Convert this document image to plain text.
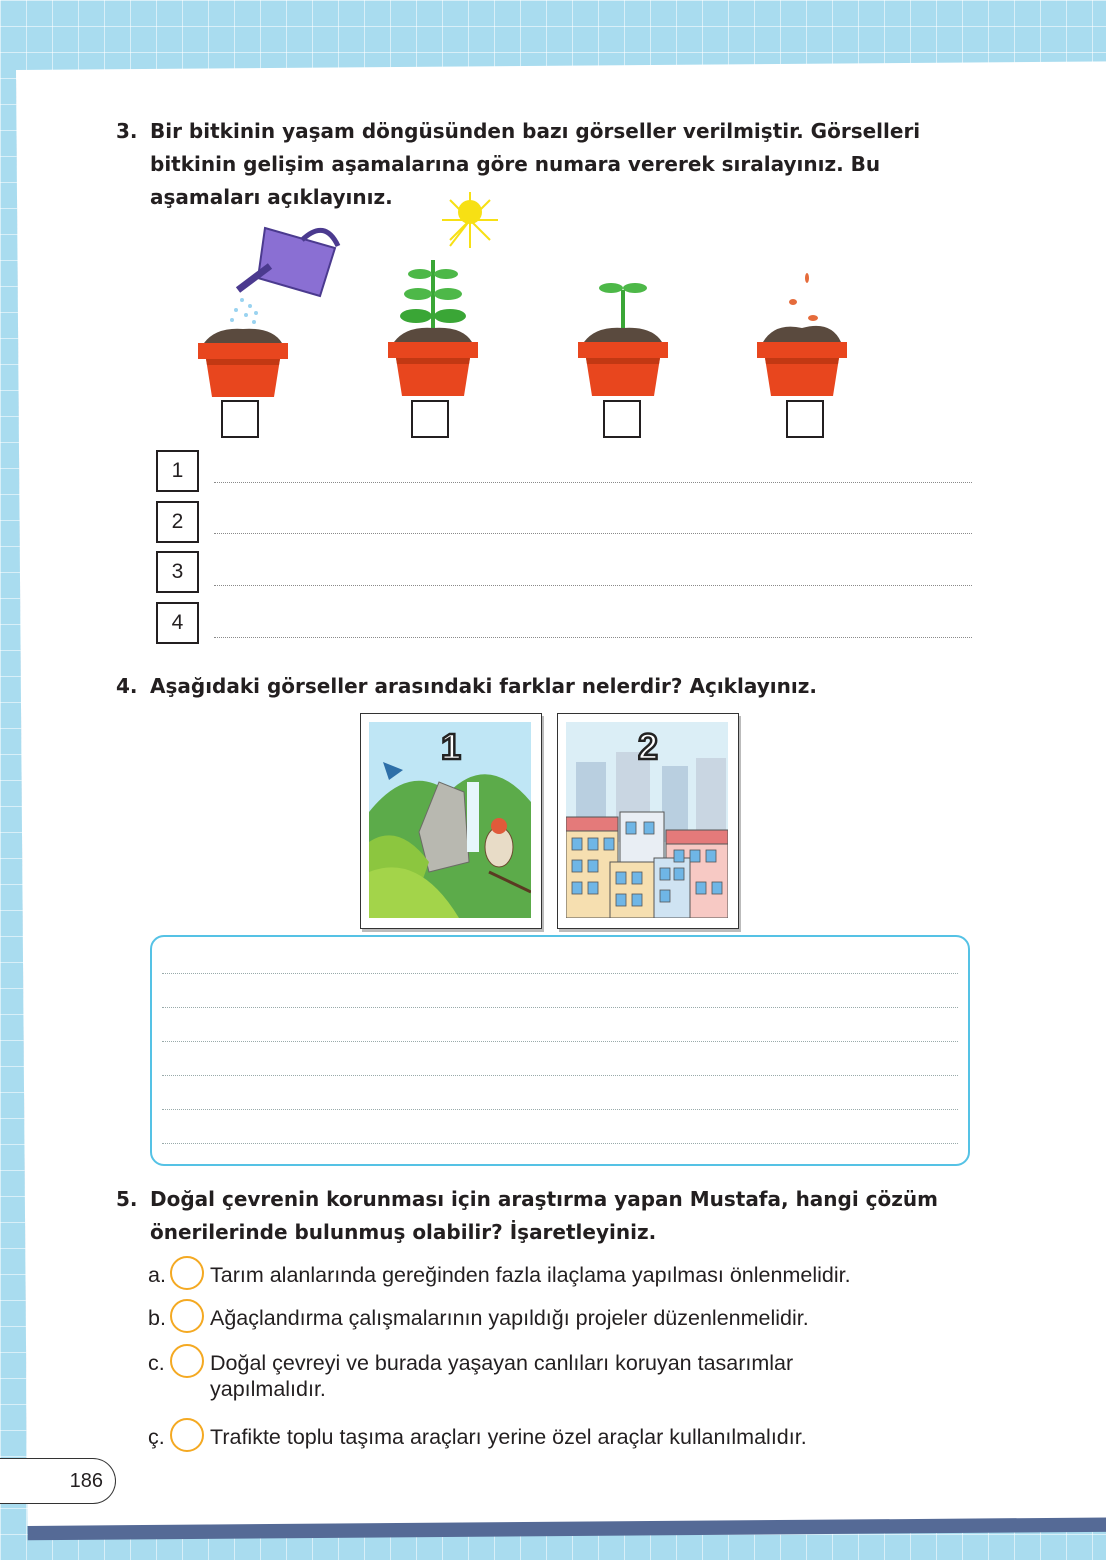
3. Bir bitkinin yaşam döngüsünden bazı görseller verilmiştir. Görselleri
bitkinin gelişim aşamalarına göre numara vererek sıralayınız. Bu
aşamaları açıklayınız.
1
2
3
4
4. Aşağıdaki görseller arasındaki farklar nelerdir? Açıklayınız.
1	2
5. Doğal çevrenin korunması için araştırma yapan Mustafa, hangi çözüm
önerilerinde bulunmuş olabilir? İşaretleyiniz.
a. Tarım alanlarında gereğinden fazla ilaçlama yapılması önlenmelidir.
b. Ağaçlandırma çalışmalarının yapıldığı projeler düzenlenmelidir.
c. Doğal çevreyi ve burada yaşayan canlıları koruyan tasarımlar
yapılmalıdır.
ç. Trafikte toplu taşıma araçları yerine özel araçlar kullanılmalıdır.
186
